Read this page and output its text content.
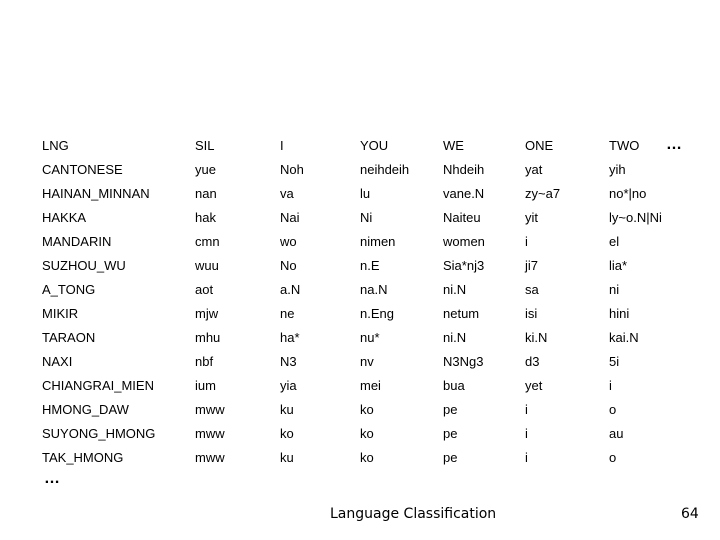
LNG	SIL	I	YOU	WE	ONE	TWO
CANTONESE	yue	Noh	neihdeih	Nhdeih	yat	yih
HAINAN_MINNAN	nan	va	lu	vane.N	zy~a7	no*|no
HAKKA	hak	Nai	Ni	Naiteu	yit	ly~o.N|Ni
MANDARIN	cmn	wo	nimen	women	i	el
SUZHOU_WU	wuu	No	n.E	Sia*nj3	ji7	lia*
A_TONG	aot	a.N	na.N	ni.N	sa	ni
MIKIR	mjw	ne	n.Eng	netum	isi	hini
TARAON	mhu	ha*	nu*	ni.N	ki.N	kai.N
NAXI	nbf	N3	nv	N3Ng3	d3	5i
CHIANGRAI_MIEN	ium	yia	mei	bua	yet	i
HMONG_DAW	mww	ku	ko	pe	i	o
SUYONG_HMONG	mww	ko	ko	pe	i	au
TAK_HMONG	mww	ku	ko	pe	i	o
…
…
Language Classification	64
